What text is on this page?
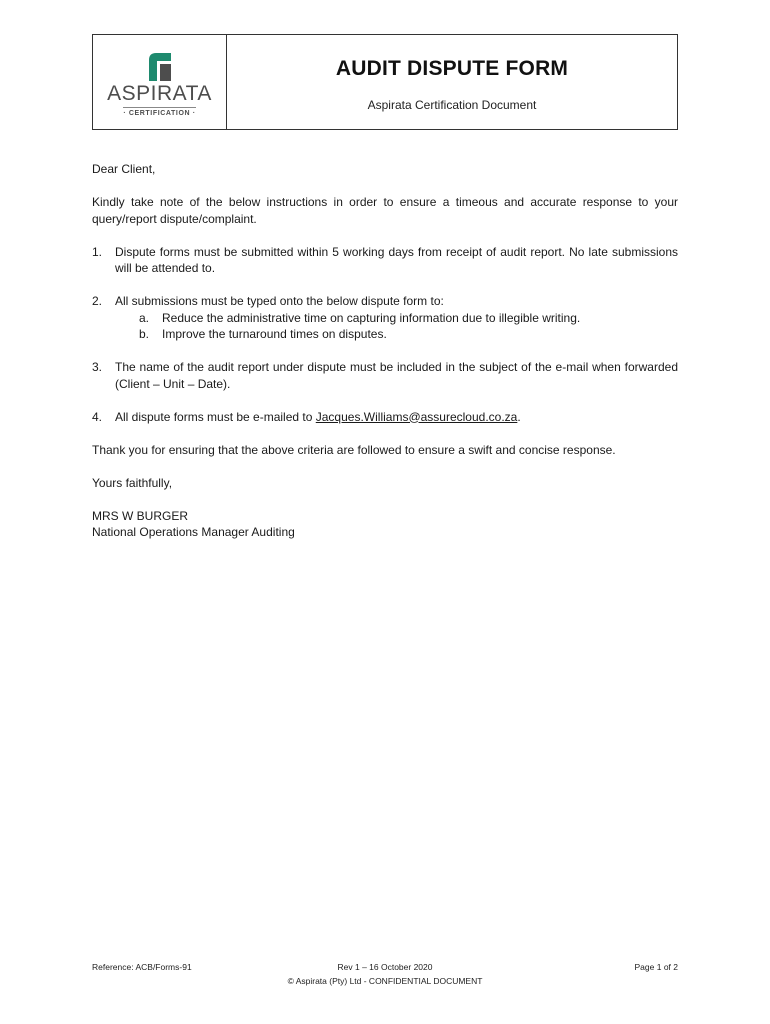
ASPIRATA
· CERTIFICATION ·
AUDIT DISPUTE FORM
Aspirata Certification Document

Dear Client,

Kindly take note of the below instructions in order to ensure a timeous and accurate response to your query/report dispute/complaint.

1.	Dispute forms must be submitted within 5 working days from receipt of audit report. No late submissions will be attended to.
2.	All submissions must be typed onto the below dispute form to:
a.	Reduce the administrative time on capturing information due to illegible writing.
b.	Improve the turnaround times on disputes.
3.	The name of the audit report under dispute must be included in the subject of the e-mail when forwarded (Client – Unit – Date).
4.	All dispute forms must be e-mailed to Jacques.Williams@assurecloud.co.za.

Thank you for ensuring that the above criteria are followed to ensure a swift and concise response.

Yours faithfully,

MRS W BURGER

National Operations Manager Auditing

Reference: ACB/Forms-91	Page 1 of 2
Rev 1 – 16 October 2020
© Aspirata (Pty) Ltd - CONFIDENTIAL DOCUMENT
